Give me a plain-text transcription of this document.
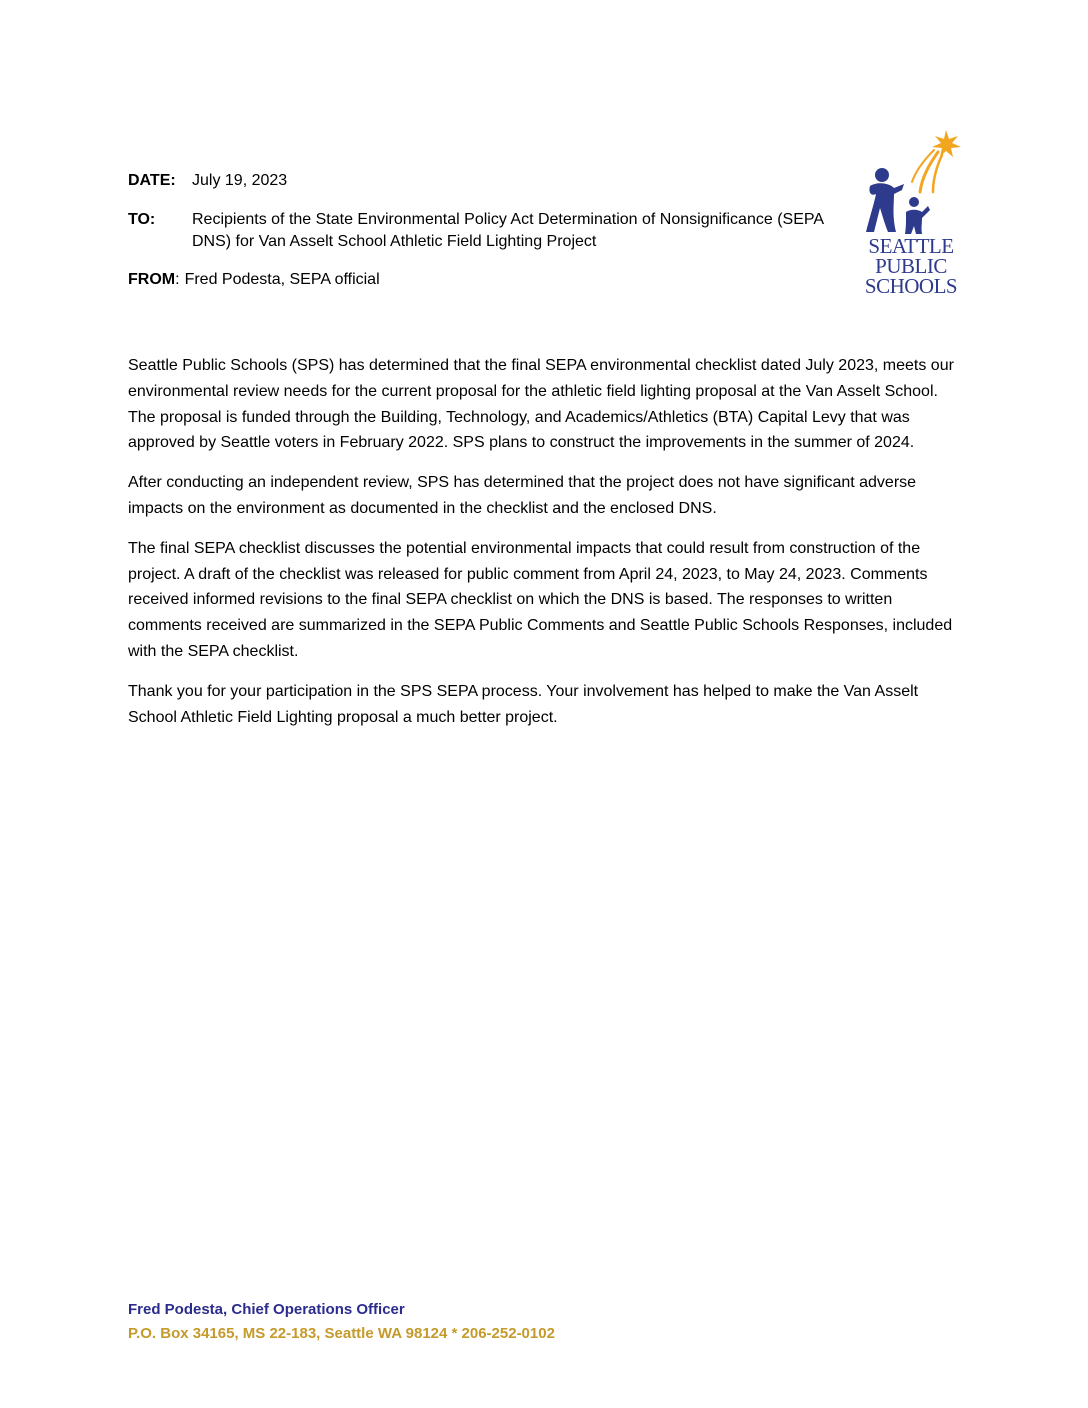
DATE:	July 19, 2023
TO:	Recipients of the State Environmental Policy Act Determination of Nonsignificance (SEPA DNS) for Van Asselt School Athletic Field Lighting Project
FROM: Fred Podesta, SEPA official
SEATTLE
PUBLIC
SCHOOLS

Seattle Public Schools (SPS) has determined that the final SEPA environmental checklist dated July 2023, meets our environmental review needs for the current proposal for the athletic field lighting proposal at the Van Asselt School. The proposal is funded through the Building, Technology, and Academics/Athletics (BTA) Capital Levy that was approved by Seattle voters in February 2022. SPS plans to construct the improvements in the summer of 2024.

After conducting an independent review, SPS has determined that the project does not have significant adverse impacts on the environment as documented in the checklist and the enclosed DNS.

The final SEPA checklist discusses the potential environmental impacts that could result from construction of the project. A draft of the checklist was released for public comment from April 24, 2023, to May 24, 2023. Comments received informed revisions to the final SEPA checklist on which the DNS is based. The responses to written comments received are summarized in the SEPA Public Comments and Seattle Public Schools Responses, included with the SEPA checklist.

Thank you for your participation in the SPS SEPA process. Your involvement has helped to make the Van Asselt School Athletic Field Lighting proposal a much better project.

Fred Podesta, Chief Operations Officer
P.O. Box 34165, MS 22-183, Seattle WA 98124 * 206-252-0102
